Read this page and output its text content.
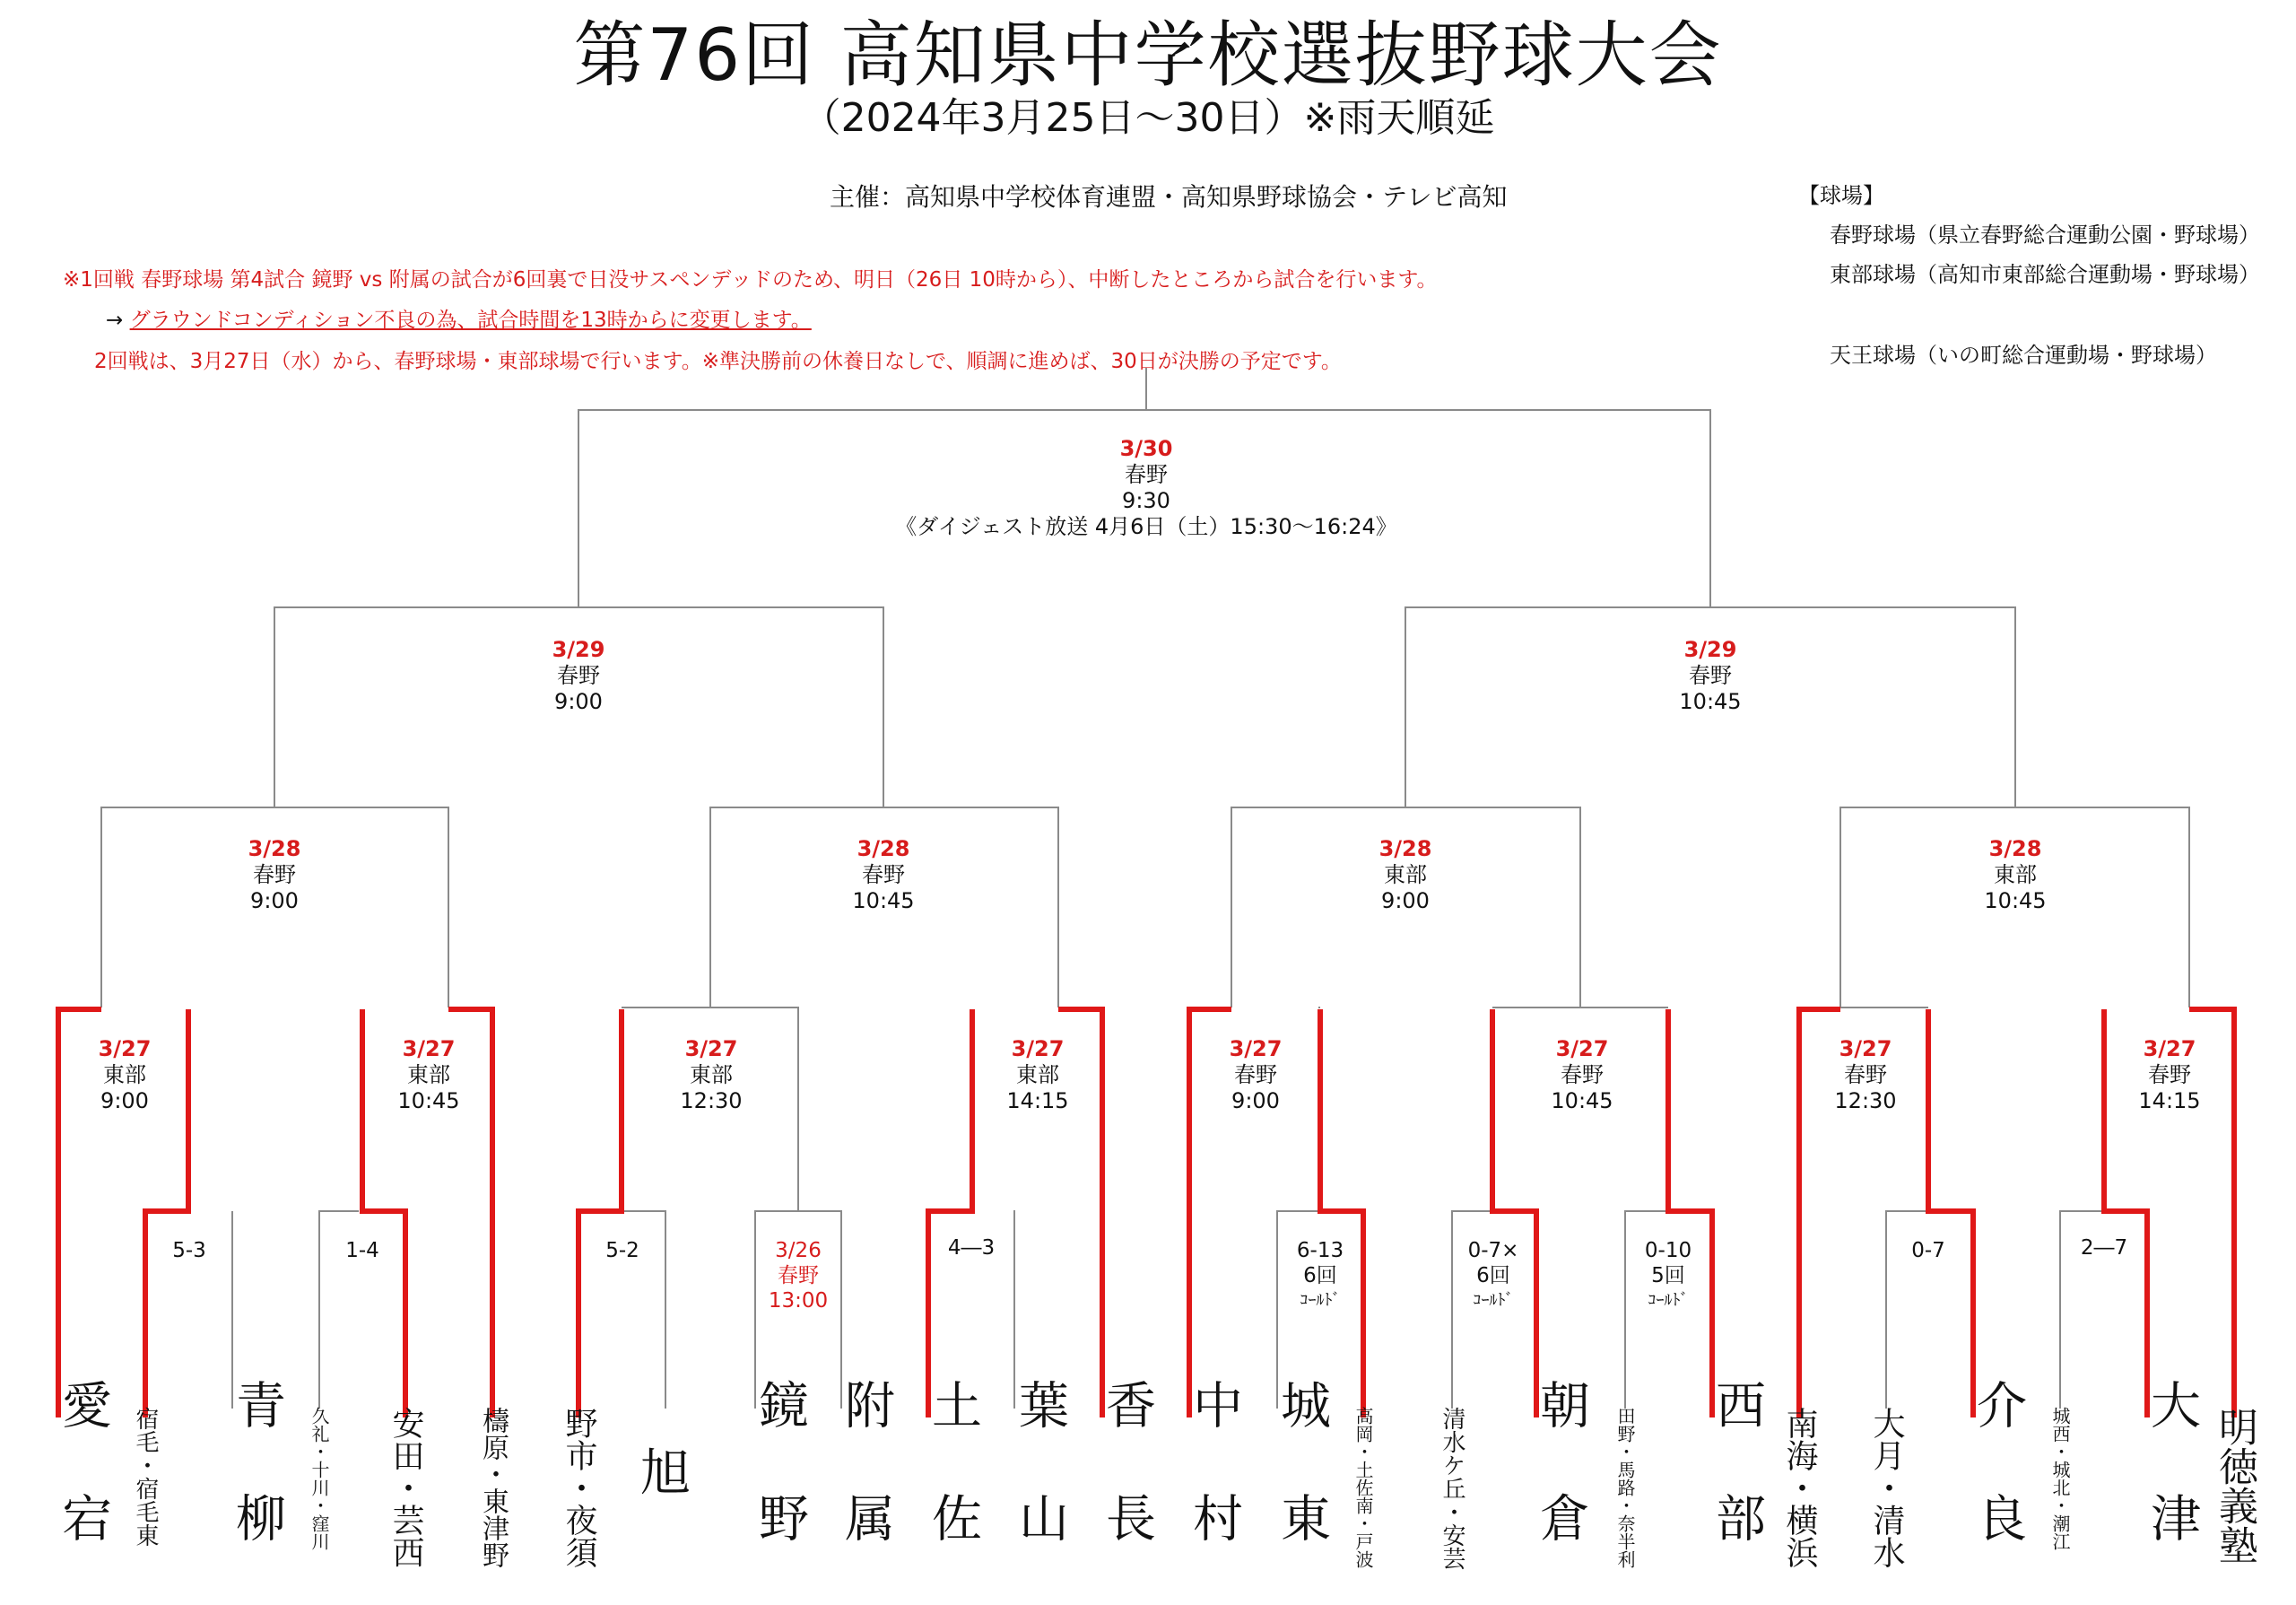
第76回 高知県中学校選抜野球大会
（2024年3月25日～30日）※雨天順延
主催：高知県中学校体育連盟・高知県野球協会・テレビ高知	【球場】
春野球場（県立春野総合運動公園・野球場）
東部球場（高知市東部総合運動場・野球場）
天王球場（いの町総合運動場・野球場）
※1回戦 春野球場 第4試合 鏡野 vs 附属の試合が6回裏で日没サスペンデッドのため、明日（26日 10時から）、中断したところから試合を行います。
→ グラウンドコンディション不良の為、試合時間を13時からに変更します。
2回戦は、3月27日（水）から、春野球場・東部球場で行います。※準決勝前の休養日なしで、順調に進めば、30日が決勝の予定です。
3/30
春野
9:30
《ダイジェスト放送 4月6日（土）15:30～16:24》
3/29
春野
9:00
3/29
春野
10:45
3/28
春野
9:00
3/28
春野
10:45
3/28
東部
9:00
3/28
東部
10:45
3/27
東部
9:00
3/27
東部
10:45
3/27
東部
12:30
3/27
東部
14:15
3/27
春野
9:00
3/27
春野
10:45
3/27
春野
12:30
3/27
春野
14:15
5-3	1-4	5-2	3/26
春野
13:00
4―3	6-13
6回
ｺｰﾙﾄﾞ
0-7×
6回
ｺｰﾙﾄﾞ
0-10
5回
ｺｰﾙﾄﾞ
0-7	2―7
愛宕 宿毛・宿毛東	青柳	久礼・十川・窪川 安田・芸西 檮原・東津野 野市・夜須 旭	鏡野 附属 土佐 葉山 香長 中村 城東	高岡・土佐南・戸波	清水ケ丘・安芸	朝倉	田野・馬路・奈半利	西部 南海・横浜 大月・清水	介良	城西・城北・潮江	大津 明徳義塾
